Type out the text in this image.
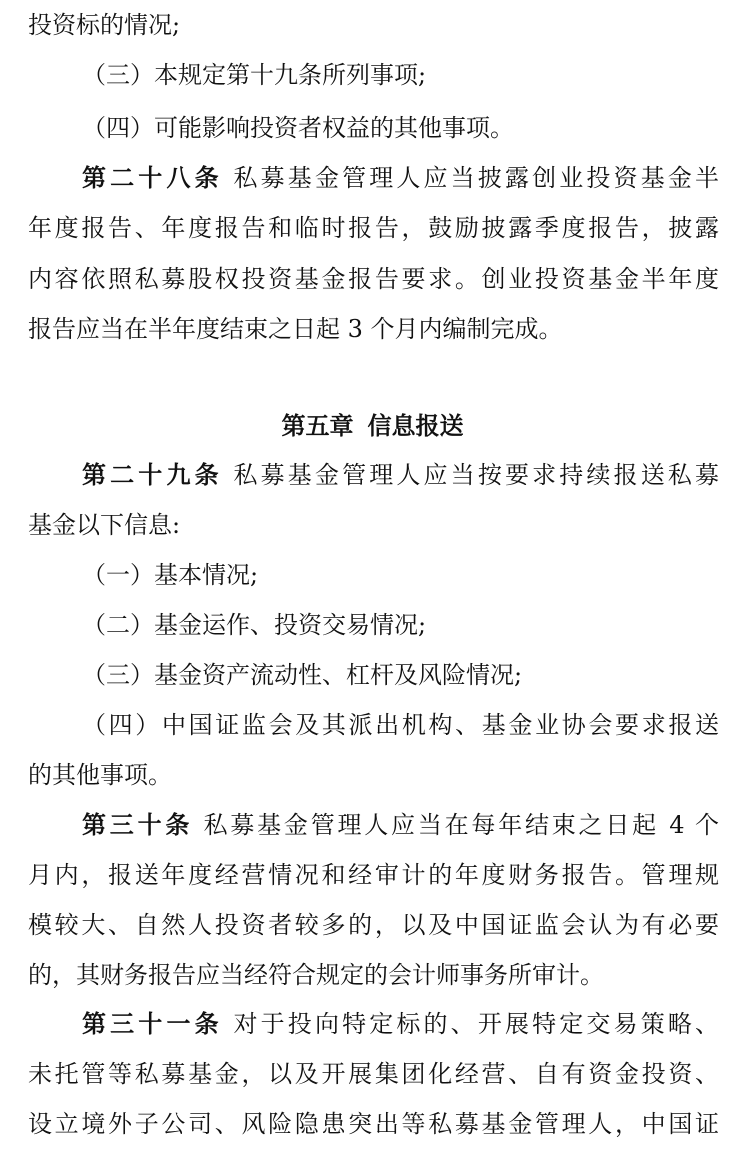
投资标的情况;
（三）本规定第十九条所列事项;
（四）可能影响投资者权益的其他事项。
第二十八条 私募基金管理人应当披露创业投资基金半
年度报告、年度报告和临时报告，鼓励披露季度报告，披露
内容依照私募股权投资基金报告要求。创业投资基金半年度
报告应当在半年度结束之日起 3 个月内编制完成。
第五章 信息报送
第二十九条 私募基金管理人应当按要求持续报送私募
基金以下信息:
（一）基本情况;
（二）基金运作、投资交易情况;
（三）基金资产流动性、杠杆及风险情况;
（四）中国证监会及其派出机构、基金业协会要求报送
的其他事项。
第三十条 私募基金管理人应当在每年结束之日起 4 个
月内，报送年度经营情况和经审计的年度财务报告。管理规
模较大、自然人投资者较多的，以及中国证监会认为有必要
的，其财务报告应当经符合规定的会计师事务所审计。
第三十一条 对于投向特定标的、开展特定交易策略、
未托管等私募基金，以及开展集团化经营、自有资金投资、
设立境外子公司、风险隐患突出等私募基金管理人，中国证
